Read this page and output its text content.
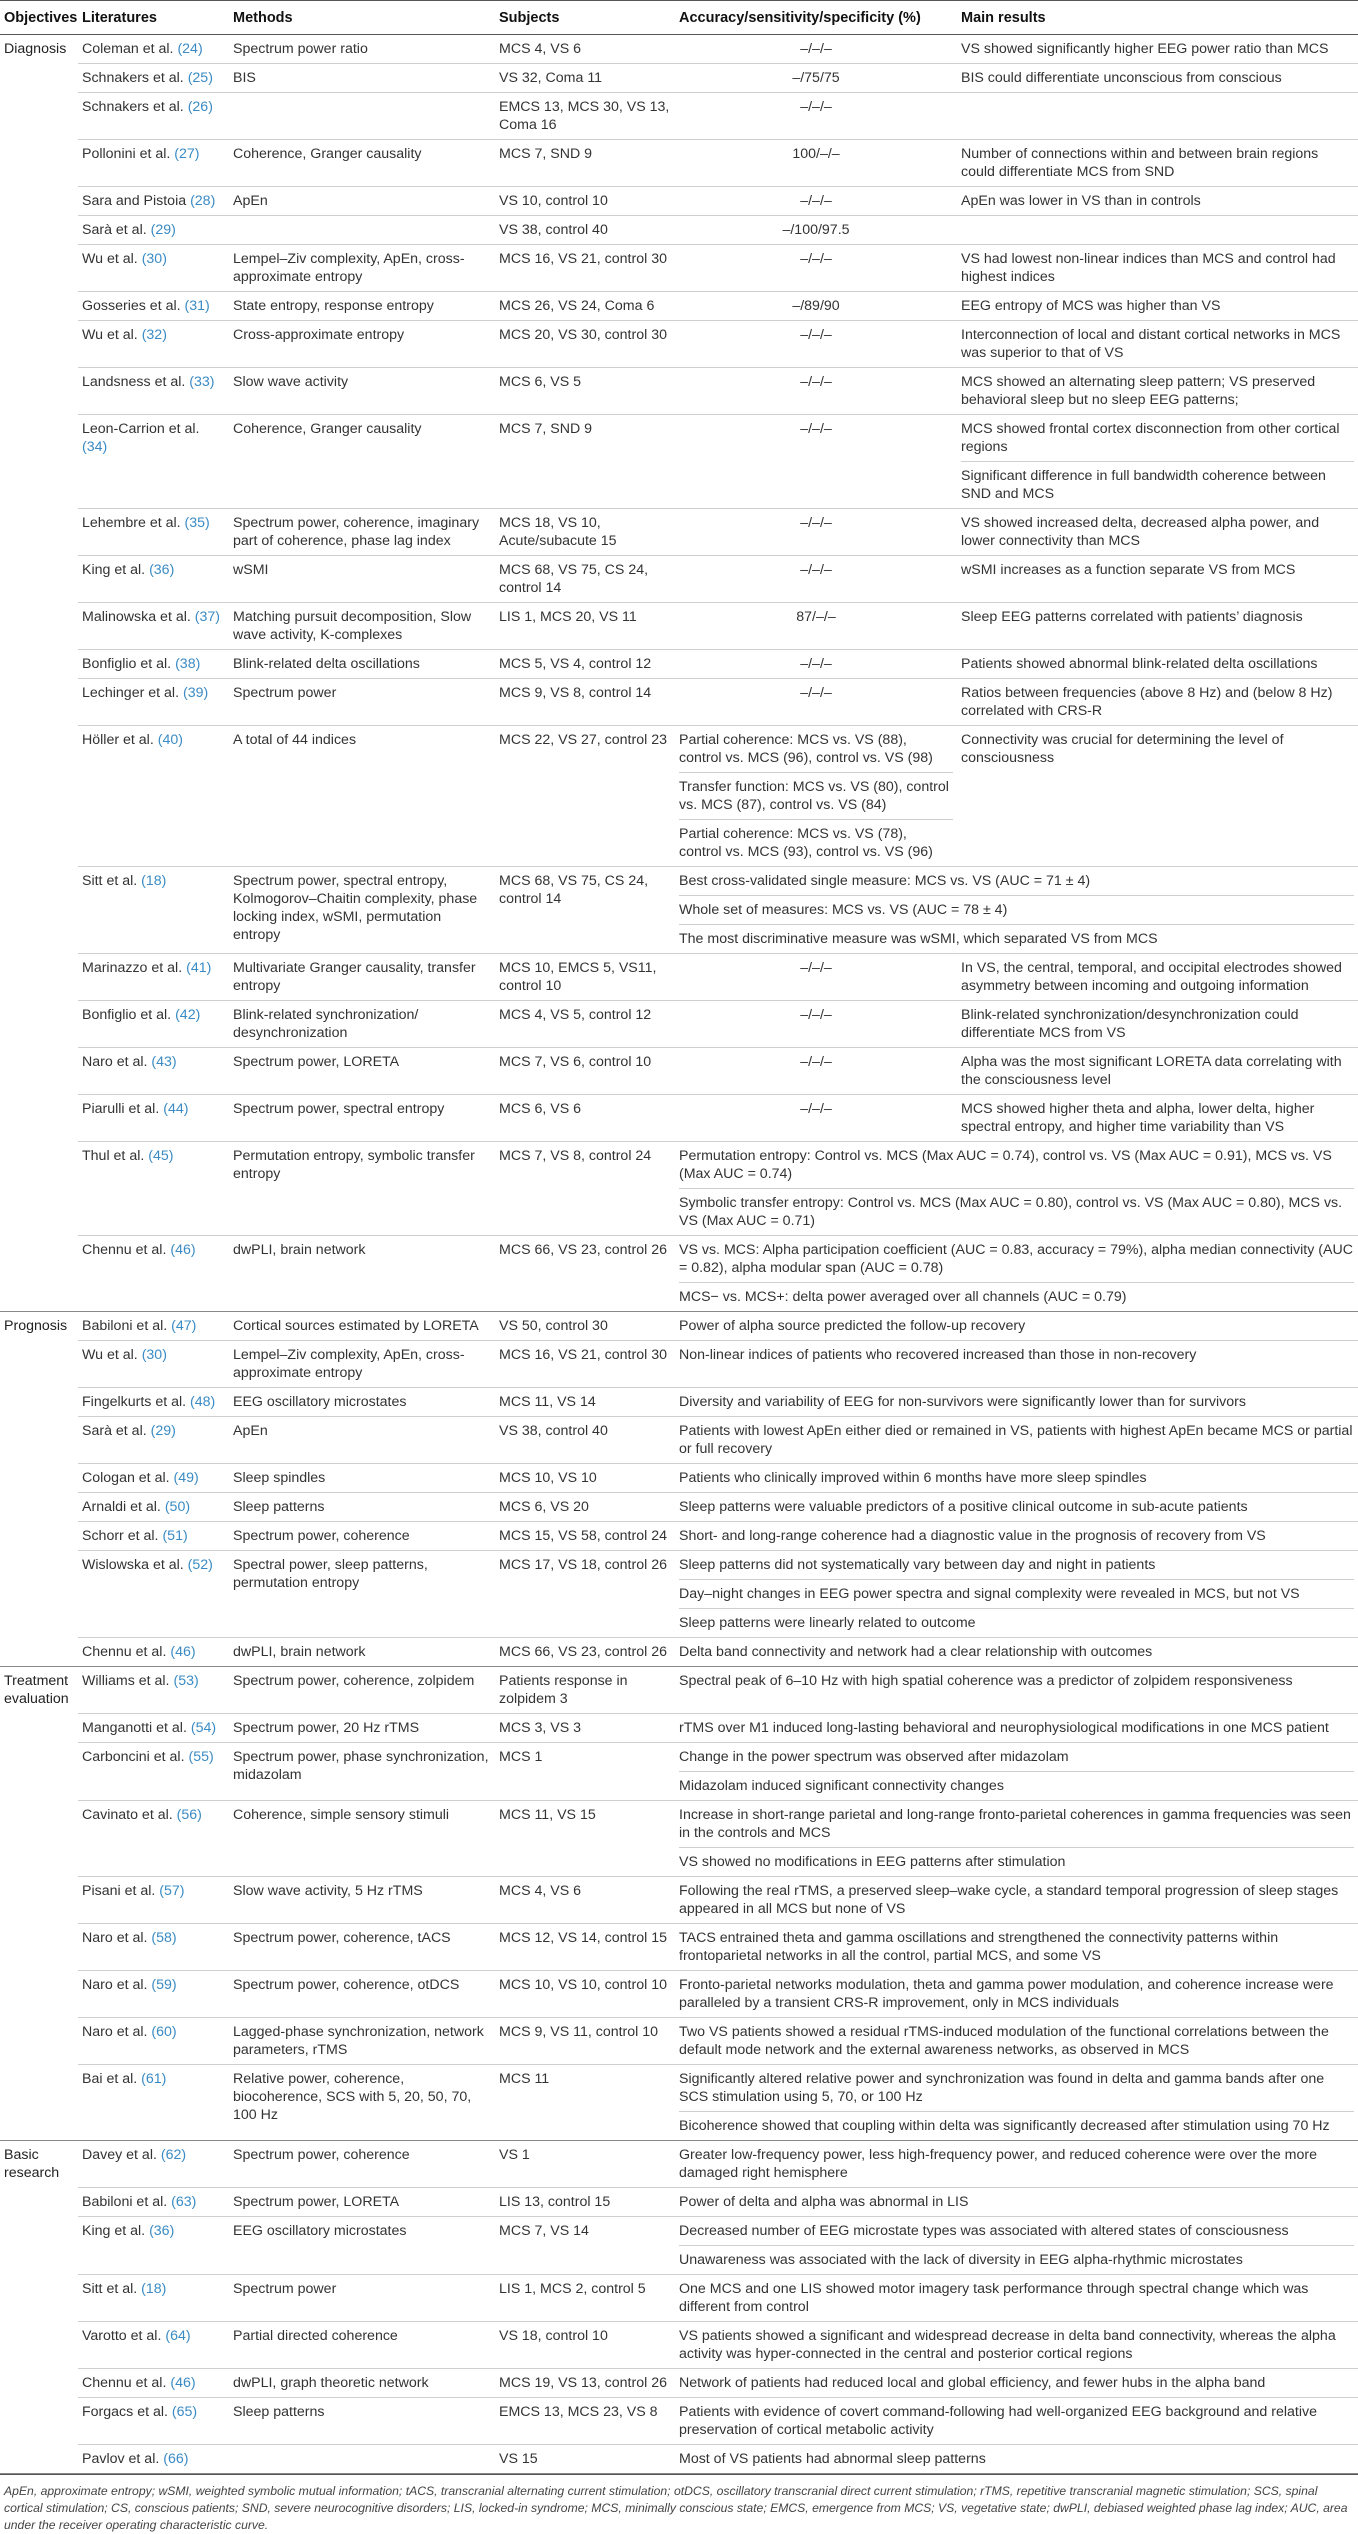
Objectives	Literatures	Methods	Subjects	Accuracy/sensitivity/specificity (%)	Main results
Diagnosis	Coleman et al. (24)	Spectrum power ratio	MCS 4, VS 6	–/–/–	VS showed significantly higher EEG power ratio than MCS

	Schnakers et al. (25)	BIS	VS 32, Coma 11	–/75/75	BIS could differentiate unconscious from conscious

	Schnakers et al. (26)		EMCS 13, MCS 30, VS 13, Coma 16	–/–/–	
	Pollonini et al. (27)	Coherence, Granger causality	MCS 7, SND 9	100/–/–	Number of connections within and between brain regions could differentiate MCS from SND

	Sara and Pistoia (28)	ApEn	VS 10, control 10	–/–/–	ApEn was lower in VS than in controls

	Sarà et al. (29)		VS 38, control 40	–/100/97.5	
	Wu et al. (30)	Lempel–Ziv complexity, ApEn, cross-approximate entropy	MCS 16, VS 21, control 30	–/–/–	VS had lowest non-linear indices than MCS and control had highest indices

	Gosseries et al. (31)	State entropy, response entropy	MCS 26, VS 24, Coma 6	–/89/90	EEG entropy of MCS was higher than VS

	Wu et al. (32)	Cross-approximate entropy	MCS 20, VS 30, control 30	–/–/–	Interconnection of local and distant cortical networks in MCS was superior to that of VS

	Landsness et al. (33)	Slow wave activity	MCS 6, VS 5	–/–/–	MCS showed an alternating sleep pattern; VS preserved behavioral sleep but no sleep EEG patterns;

	Leon-Carrion et al. (34)	Coherence, Granger causality	MCS 7, SND 9	–/–/–	MCS showed frontal cortex disconnection from other cortical regions
Significant difference in full bandwidth coherence between SND and MCS

	Lehembre et al. (35)	Spectrum power, coherence, imaginary part of coherence, phase lag index	MCS 18, VS 10, Acute/subacute 15	–/–/–	VS showed increased delta, decreased alpha power, and lower connectivity than MCS

	King et al. (36)	wSMI	MCS 68, VS 75, CS 24, control 14	–/–/–	wSMI increases as a function separate VS from MCS

	Malinowska et al. (37)	Matching pursuit decomposition, Slow wave activity, K-complexes	LIS 1, MCS 20, VS 11	87/–/–	Sleep EEG patterns correlated with patients’ diagnosis

	Bonfiglio et al. (38)	Blink-related delta oscillations	MCS 5, VS 4, control 12	–/–/–	Patients showed abnormal blink-related delta oscillations

	Lechinger et al. (39)	Spectrum power	MCS 9, VS 8, control 14	–/–/–	Ratios between frequencies (above 8 Hz) and (below 8 Hz) correlated with CRS-R

	Höller et al. (40)	A total of 44 indices	MCS 22, VS 27, control 23	Partial coherence: MCS vs. VS (88), control vs. MCS (96), control vs. VS (98)
Transfer function: MCS vs. VS (80), control vs. MCS (87), control vs. VS (84)
Partial coherence: MCS vs. VS (78), control vs. MCS (93), control vs. VS (96)	Connectivity was crucial for determining the level of consciousness

	Sitt et al. (18)	Spectrum power, spectral entropy, Kolmogorov–Chaitin complexity, phase locking index, wSMI, permutation entropy	MCS 68, VS 75, CS 24, control 14	Best cross-validated single measure: MCS vs. VS (AUC = 71 ± 4)
Whole set of measures: MCS vs. VS (AUC = 78 ± 4)
The most discriminative measure was wSMI, which separated VS from MCS	

	Marinazzo et al. (41)	Multivariate Granger causality, transfer entropy	MCS 10, EMCS 5, VS11, control 10	–/–/–	In VS, the central, temporal, and occipital electrodes showed asymmetry between incoming and outgoing information

	Bonfiglio et al. (42)	Blink-related synchronization/ desynchronization	MCS 4, VS 5, control 12	–/–/–	Blink-related synchronization/desynchronization could differentiate MCS from VS

	Naro et al. (43)	Spectrum power, LORETA	MCS 7, VS 6, control 10	–/–/–	Alpha was the most significant LORETA data correlating with the consciousness level

	Piarulli et al. (44)	Spectrum power, spectral entropy	MCS 6, VS 6	–/–/–	MCS showed higher theta and alpha, lower delta, higher spectral entropy, and higher time variability than VS

	Thul et al. (45)	Permutation entropy, symbolic transfer entropy	MCS 7, VS 8, control 24	Permutation entropy: Control vs. MCS (Max AUC = 0.74), control vs. VS (Max AUC = 0.91), MCS vs. VS (Max AUC = 0.74)
Symbolic transfer entropy: Control vs. MCS (Max AUC = 0.80), control vs. VS (Max AUC = 0.80), MCS vs. VS (Max AUC = 0.71)	

	Chennu et al. (46)	dwPLI, brain network	MCS 66, VS 23, control 26	VS vs. MCS: Alpha participation coefficient (AUC = 0.83, accuracy = 79%), alpha median connectivity (AUC = 0.82), alpha modular span (AUC = 0.78)
MCS− vs. MCS+: delta power averaged over all channels (AUC = 0.79)	

Prognosis	Babiloni et al. (47)	Cortical sources estimated by LORETA	VS 50, control 30	Power of alpha source predicted the follow-up recovery	

	Wu et al. (30)	Lempel–Ziv complexity, ApEn, cross-approximate entropy	MCS 16, VS 21, control 30	Non-linear indices of patients who recovered increased than those in non-recovery	

	Fingelkurts et al. (48)	EEG oscillatory microstates	MCS 11, VS 14	Diversity and variability of EEG for non-survivors were significantly lower than for survivors	

	Sarà et al. (29)	ApEn	VS 38, control 40	Patients with lowest ApEn either died or remained in VS, patients with highest ApEn became MCS or partial or full recovery	

	Cologan et al. (49)	Sleep spindles	MCS 10, VS 10	Patients who clinically improved within 6 months have more sleep spindles	

	Arnaldi et al. (50)	Sleep patterns	MCS 6, VS 20	Sleep patterns were valuable predictors of a positive clinical outcome in sub-acute patients	

	Schorr et al. (51)	Spectrum power, coherence	MCS 15, VS 58, control 24	Short- and long-range coherence had a diagnostic value in the prognosis of recovery from VS	

	Wislowska et al. (52)	Spectral power, sleep patterns, permutation entropy	MCS 17, VS 18, control 26	Sleep patterns did not systematically vary between day and night in patients
Day–night changes in EEG power spectra and signal complexity were revealed in MCS, but not VS
Sleep patterns were linearly related to outcome	

	Chennu et al. (46)	dwPLI, brain network	MCS 66, VS 23, control 26	Delta band connectivity and network had a clear relationship with outcomes	

Treatment evaluation	Williams et al. (53)	Spectrum power, coherence, zolpidem	Patients response in zolpidem 3	Spectral peak of 6–10 Hz with high spatial coherence was a predictor of zolpidem responsiveness	

	Manganotti et al. (54)	Spectrum power, 20 Hz rTMS	MCS 3, VS 3	rTMS over M1 induced long-lasting behavioral and neurophysiological modifications in one MCS patient	

	Carboncini et al. (55)	Spectrum power, phase synchronization, midazolam	MCS 1	Change in the power spectrum was observed after midazolam
Midazolam induced significant connectivity changes	

	Cavinato et al. (56)	Coherence, simple sensory stimuli	MCS 11, VS 15	Increase in short-range parietal and long-range fronto-parietal coherences in gamma frequencies was seen in the controls and MCS
VS showed no modifications in EEG patterns after stimulation	

	Pisani et al. (57)	Slow wave activity, 5 Hz rTMS	MCS 4, VS 6	Following the real rTMS, a preserved sleep–wake cycle, a standard temporal progression of sleep stages appeared in all MCS but none of VS	

	Naro et al. (58)	Spectrum power, coherence, tACS	MCS 12, VS 14, control 15	TACS entrained theta and gamma oscillations and strengthened the connectivity patterns within frontoparietal networks in all the control, partial MCS, and some VS	

	Naro et al. (59)	Spectrum power, coherence, otDCS	MCS 10, VS 10, control 10	Fronto-parietal networks modulation, theta and gamma power modulation, and coherence increase were paralleled by a transient CRS-R improvement, only in MCS individuals	

	Naro et al. (60)	Lagged-phase synchronization, network parameters, rTMS	MCS 9, VS 11, control 10	Two VS patients showed a residual rTMS-induced modulation of the functional correlations between the default mode network and the external awareness networks, as observed in MCS	

	Bai et al. (61)	Relative power, coherence, biocoherence, SCS with 5, 20, 50, 70, 100 Hz	MCS 11	Significantly altered relative power and synchronization was found in delta and gamma bands after one SCS stimulation using 5, 70, or 100 Hz
Bicoherence showed that coupling within delta was significantly decreased after stimulation using 70 Hz	

Basic research	Davey et al. (62)	Spectrum power, coherence	VS 1	Greater low-frequency power, less high-frequency power, and reduced coherence were over the more damaged right hemisphere	

	Babiloni et al. (63)	Spectrum power, LORETA	LIS 13, control 15	Power of delta and alpha was abnormal in LIS	

	King et al. (36)	EEG oscillatory microstates	MCS 7, VS 14	Decreased number of EEG microstate types was associated with altered states of consciousness
Unawareness was associated with the lack of diversity in EEG alpha-rhythmic microstates	

	Sitt et al. (18)	Spectrum power	LIS 1, MCS 2, control 5	One MCS and one LIS showed motor imagery task performance through spectral change which was different from control	

	Varotto et al. (64)	Partial directed coherence	VS 18, control 10	VS patients showed a significant and widespread decrease in delta band connectivity, whereas the alpha activity was hyper-connected in the central and posterior cortical regions	

	Chennu et al. (46)	dwPLI, graph theoretic network	MCS 19, VS 13, control 26	Network of patients had reduced local and global efficiency, and fewer hubs in the alpha band	

	Forgacs et al. (65)	Sleep patterns	EMCS 13, MCS 23, VS 8	Patients with evidence of covert command-following had well-organized EEG background and relative preservation of cortical metabolic activity	

	Pavlov et al. (66)		VS 15	Most of VS patients had abnormal sleep patterns	
ApEn, approximate entropy; wSMI, weighted symbolic mutual information; tACS, transcranial alternating current stimulation; otDCS, oscillatory transcranial direct current stimulation; rTMS, repetitive transcranial magnetic stimulation; SCS, spinal cortical stimulation; CS, conscious patients; SND, severe neurocognitive disorders; LIS, locked-in syndrome; MCS, minimally conscious state; EMCS, emergence from MCS; VS, vegetative state; dwPLI, debiased weighted phase lag index; AUC, area under the receiver operating characteristic curve.
